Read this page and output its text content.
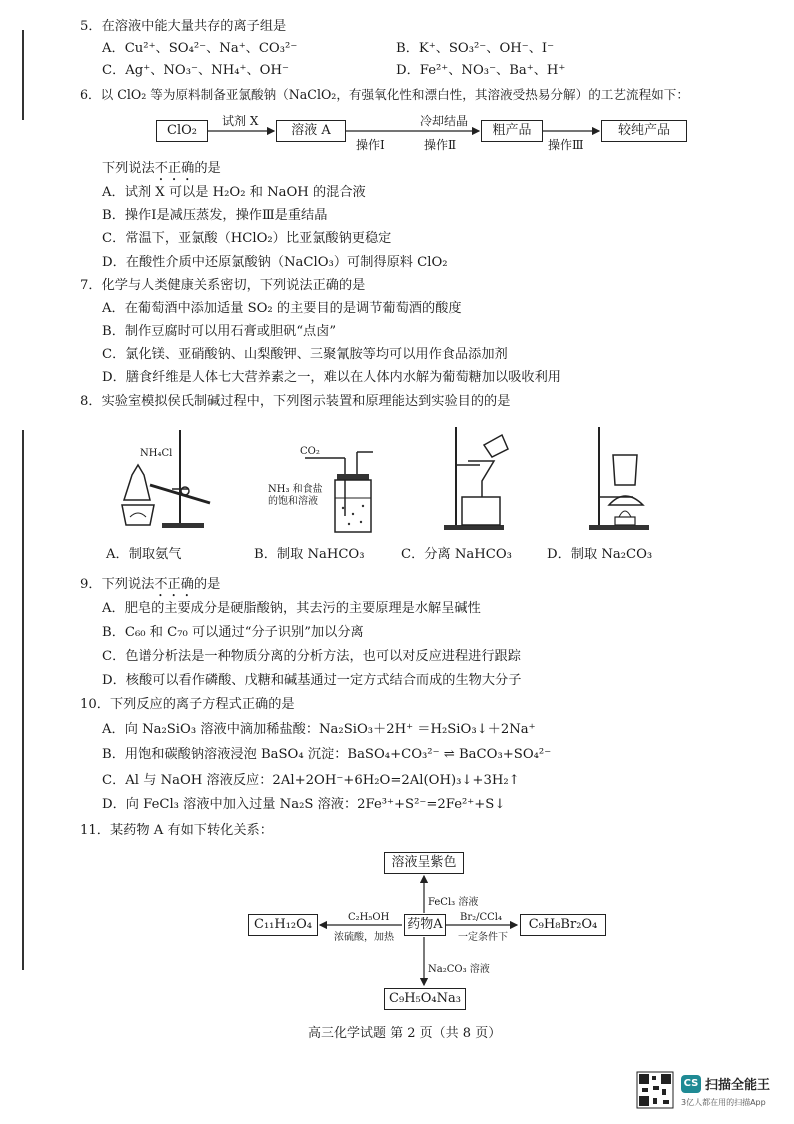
5．在溶液中能大量共存的离子组是
A．Cu²⁺、SO₄²⁻、Na⁺、CO₃²⁻	B．K⁺、SO₃²⁻、OH⁻、I⁻
C．Ag⁺、NO₃⁻、NH₄⁺、OH⁻	D．Fe²⁺、NO₃⁻、Ba⁺、H⁺
6．以 ClO₂ 等为原料制备亚氯酸钠（NaClO₂，有强氧化性和漂白性，其溶液受热易分解）的工艺流程如下：
ClO₂	溶液 A	粗产品	较纯产品
试剂 X	冷却结晶
操作Ⅰ	操作Ⅱ	操作Ⅲ
下列说法不正确的是
A．试剂 X 可以是 H₂O₂ 和 NaOH 的混合液
B．操作Ⅰ是减压蒸发，操作Ⅲ是重结晶
C．常温下，亚氯酸（HClO₂）比亚氯酸钠更稳定
D．在酸性介质中还原氯酸钠（NaClO₃）可制得原料 ClO₂
7．化学与人类健康关系密切，下列说法正确的是
A．在葡萄酒中添加适量 SO₂ 的主要目的是调节葡萄酒的酸度
B．制作豆腐时可以用石膏或胆矾“点卤”
C．氯化镁、亚硝酸钠、山梨酸钾、三聚氰胺等均可以用作食品添加剂
D．膳食纤维是人体七大营养素之一，难以在人体内水解为葡萄糖加以吸收利用
8．实验室模拟侯氏制碱过程中，下列图示装置和原理能达到实验目的的是
NH₄Cl	CO₂
NH₃ 和食盐
的饱和溶液
A．制取氨气	B．制取 NaHCO₃	C．分离 NaHCO₃	D．制取 Na₂CO₃
9．下列说法不正确的是
A．肥皂的主要成分是硬脂酸钠，其去污的主要原理是水解呈碱性
B．C₆₀ 和 C₇₀ 可以通过“分子识别”加以分离
C．色谱分析法是一种物质分离的分析方法，也可以对反应进程进行跟踪
D．核酸可以看作磷酸、戊糖和碱基通过一定方式结合而成的生物大分子
10．下列反应的离子方程式正确的是
A．向 Na₂SiO₃ 溶液中滴加稀盐酸：Na₂SiO₃＋2H⁺ ＝H₂SiO₃↓＋2Na⁺
B．用饱和碳酸钠溶液浸泡 BaSO₄ 沉淀：BaSO₄+CO₃²⁻ ⇌ BaCO₃+SO₄²⁻
C．Al 与 NaOH 溶液反应：2Al+2OH⁻+6H₂O=2Al(OH)₃↓+3H₂↑
D．向 FeCl₃ 溶液中加入过量 Na₂S 溶液：2Fe³⁺+S²⁻=2Fe²⁺+S↓
11．某药物 A 有如下转化关系：
溶液呈紫色
C₁₁H₁₂O₄	药物A	C₉H₈Br₂O₄
C₉H₅O₄Na₃
FeCl₃ 溶液
C₂H₅OH
浓硫酸，加热
Br₂/CCl₄
一定条件下
Na₂CO₃ 溶液
高三化学试题 第 2 页（共 8 页）
CS 扫描全能王
3亿人都在用的扫描App
